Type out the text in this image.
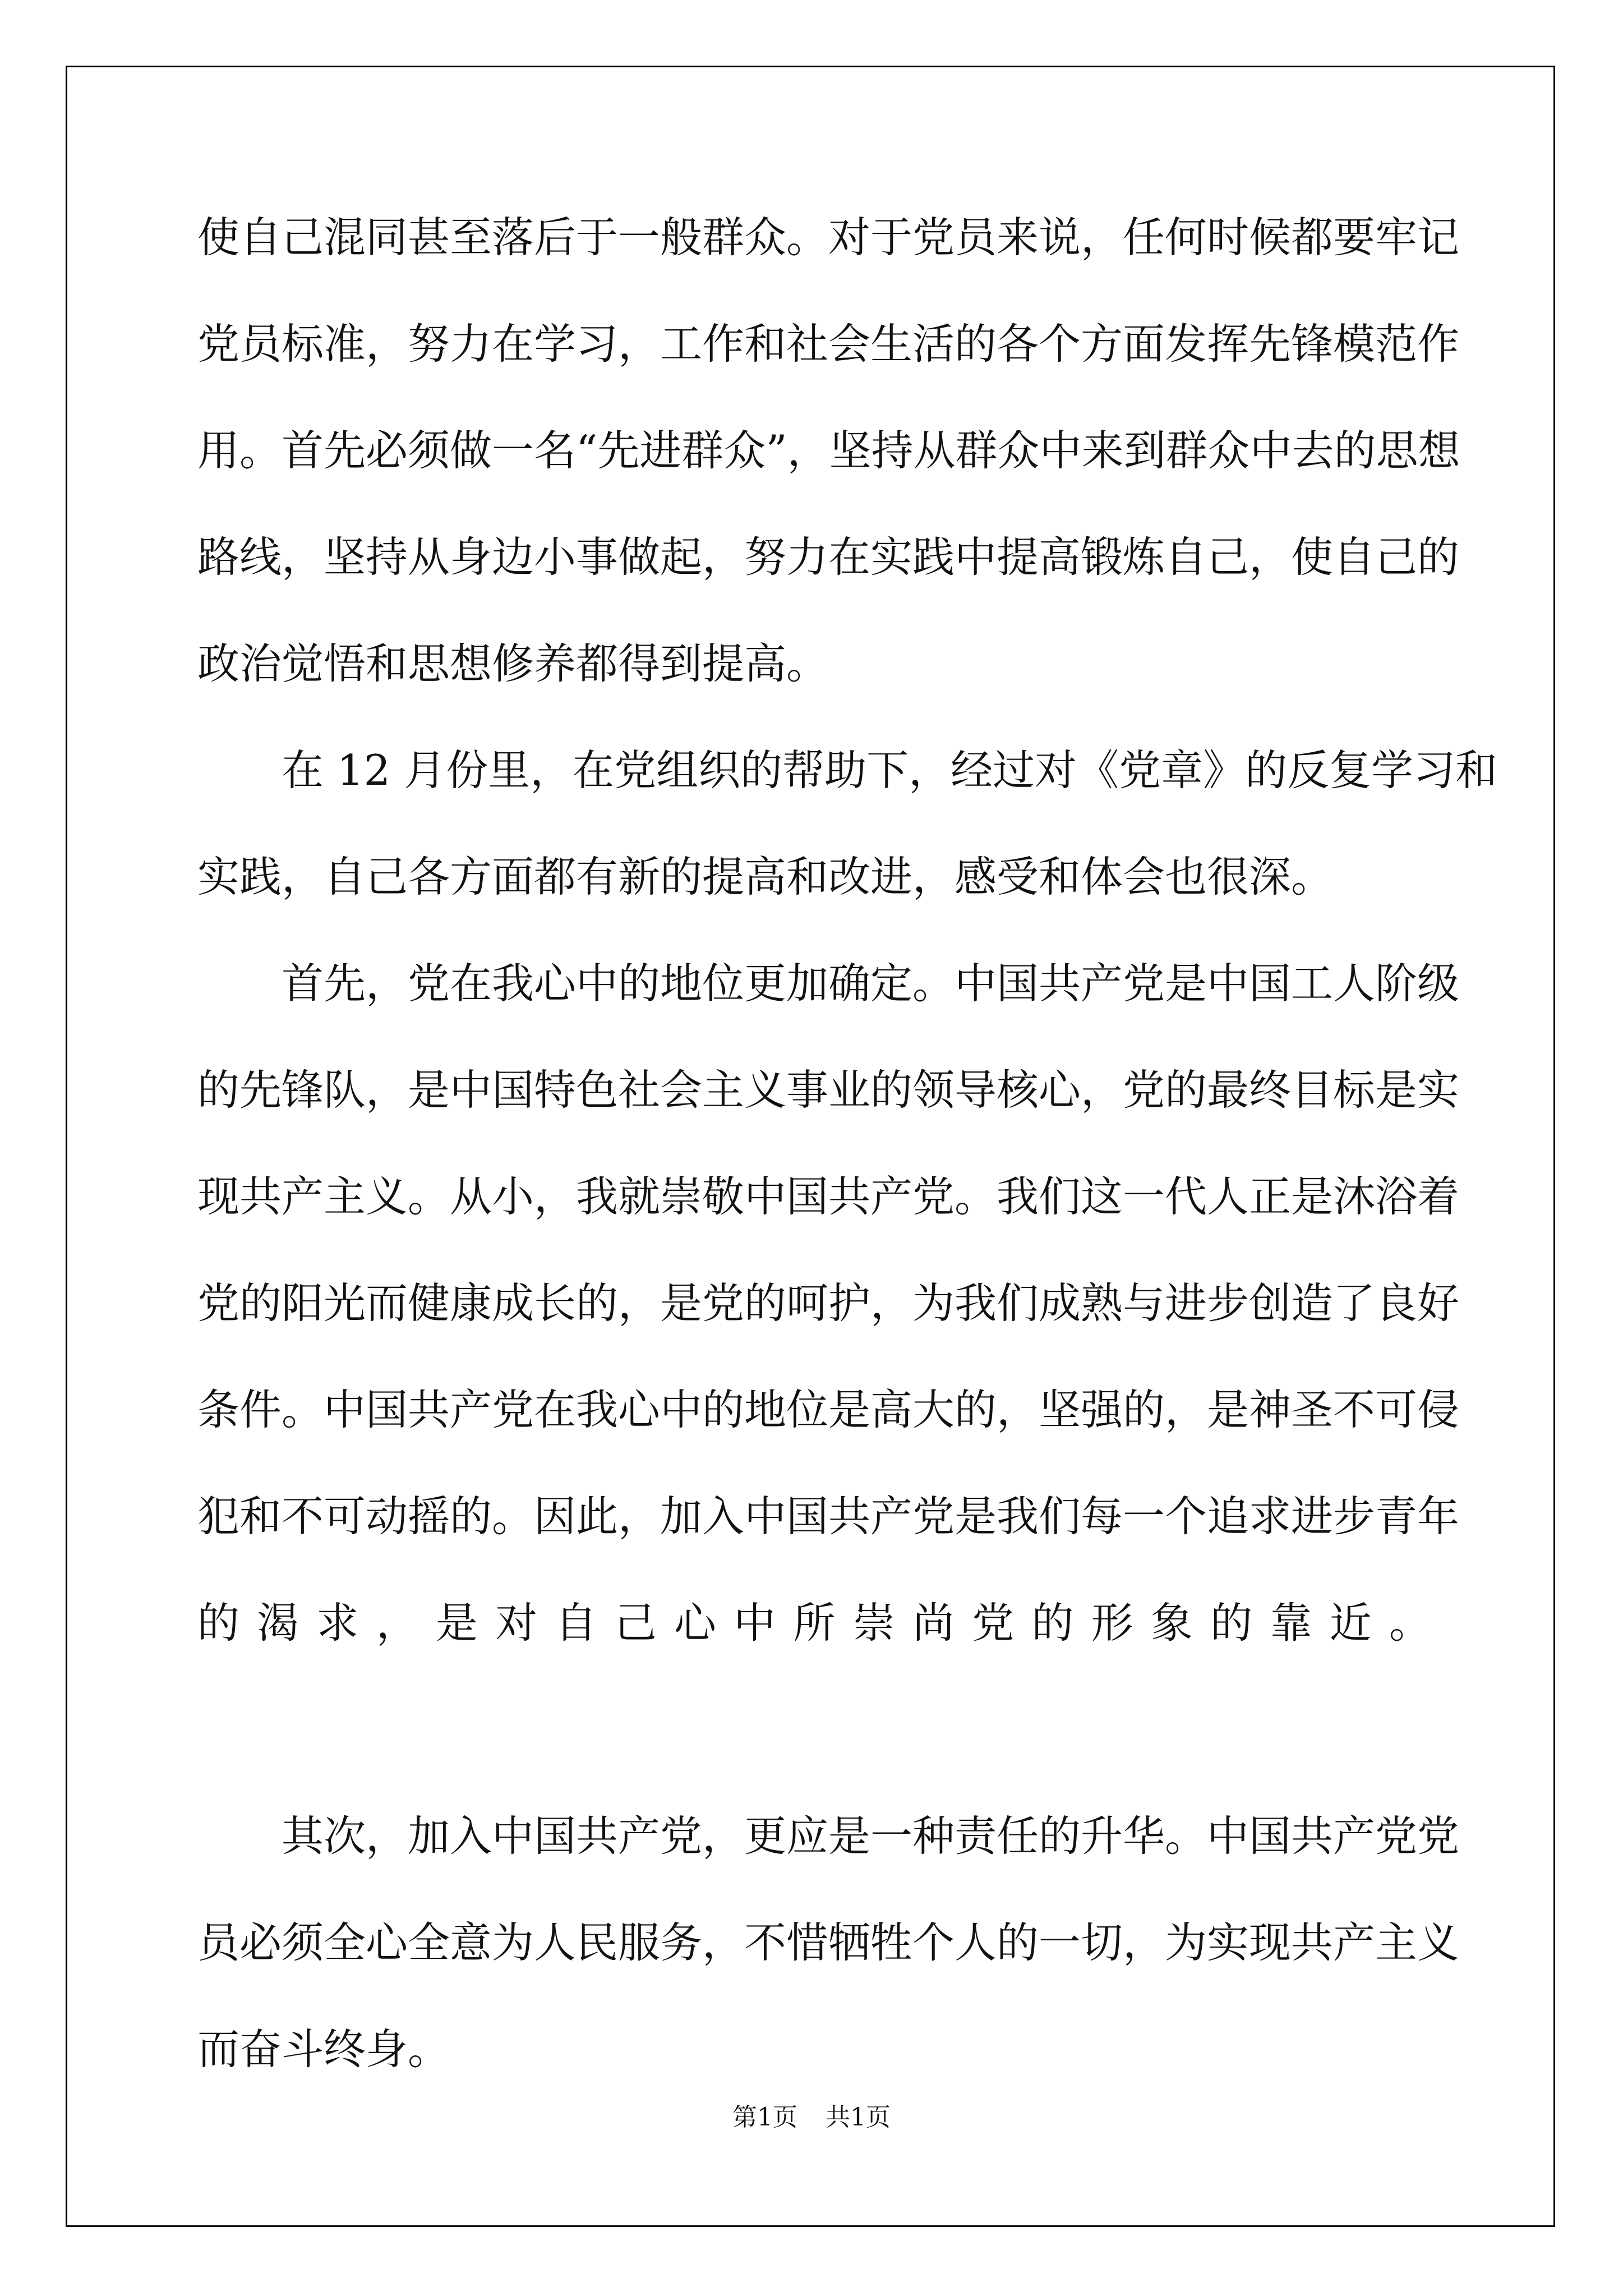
使自己混同甚至落后于一般群众。对于党员来说，任何时候都要牢记
党员标准，努力在学习，工作和社会生活的各个方面发挥先锋模范作
用。首先必须做一名“先进群众”，坚持从群众中来到群众中去的思想
路线，坚持从身边小事做起，努力在实践中提高锻炼自己，使自己的
政治觉悟和思想修养都得到提高。
在 12 月份里，在党组织的帮助下，经过对《党章》的反复学习和
实践，自己各方面都有新的提高和改进，感受和体会也很深。
首先，党在我心中的地位更加确定。中国共产党是中国工人阶级
的先锋队，是中国特色社会主义事业的领导核心，党的最终目标是实
现共产主义。从小，我就崇敬中国共产党。我们这一代人正是沐浴着
党的阳光而健康成长的，是党的呵护，为我们成熟与进步创造了良好
条件。中国共产党在我心中的地位是高大的，坚强的，是神圣不可侵
犯和不可动摇的。因此，加入中国共产党是我们每一个追求进步青年
的渴求，是对自己心中所崇尚党的形象的靠近。
其次，加入中国共产党，更应是一种责任的升华。中国共产党党
员必须全心全意为人民服务，不惜牺牲个人的一切，为实现共产主义
而奋斗终身。
第1页 共1页
